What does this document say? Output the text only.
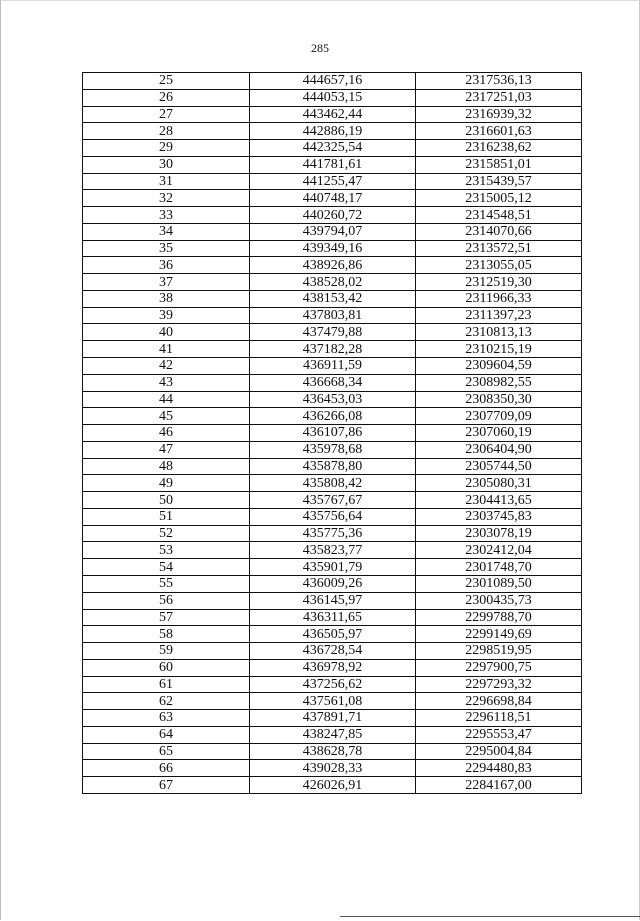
285
25	444657,16	2317536,13
26	444053,15	2317251,03
27	443462,44	2316939,32
28	442886,19	2316601,63
29	442325,54	2316238,62
30	441781,61	2315851,01
31	441255,47	2315439,57
32	440748,17	2315005,12
33	440260,72	2314548,51
34	439794,07	2314070,66
35	439349,16	2313572,51
36	438926,86	2313055,05
37	438528,02	2312519,30
38	438153,42	2311966,33
39	437803,81	2311397,23
40	437479,88	2310813,13
41	437182,28	2310215,19
42	436911,59	2309604,59
43	436668,34	2308982,55
44	436453,03	2308350,30
45	436266,08	2307709,09
46	436107,86	2307060,19
47	435978,68	2306404,90
48	435878,80	2305744,50
49	435808,42	2305080,31
50	435767,67	2304413,65
51	435756,64	2303745,83
52	435775,36	2303078,19
53	435823,77	2302412,04
54	435901,79	2301748,70
55	436009,26	2301089,50
56	436145,97	2300435,73
57	436311,65	2299788,70
58	436505,97	2299149,69
59	436728,54	2298519,95
60	436978,92	2297900,75
61	437256,62	2297293,32
62	437561,08	2296698,84
63	437891,71	2296118,51
64	438247,85	2295553,47
65	438628,78	2295004,84
66	439028,33	2294480,83
67	426026,91	2284167,00
